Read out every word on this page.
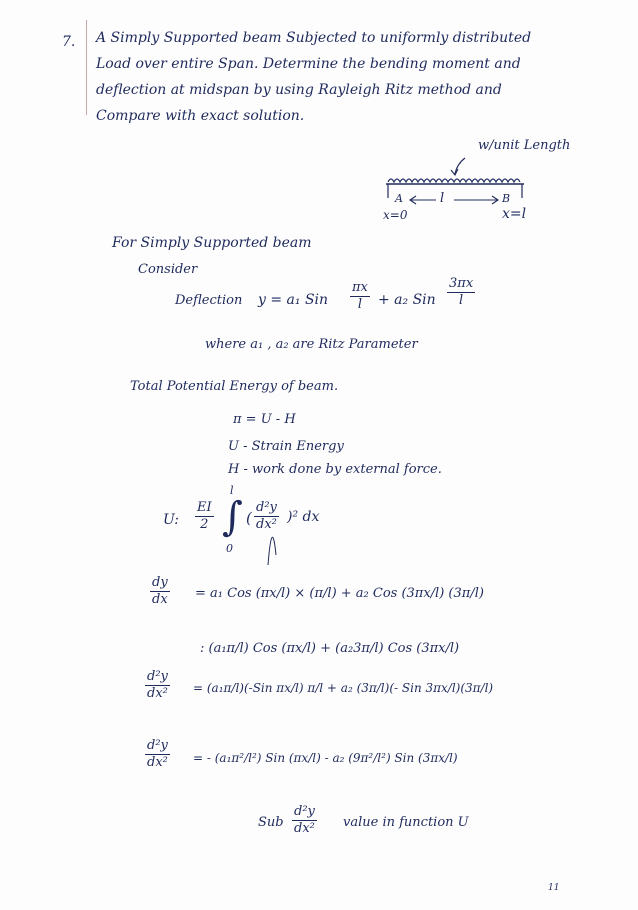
7. A Simply Supported beam Subjected to uniformly distributed
Load over entire Span. Determine the bending moment and
deflection at midspan by using Rayleigh Ritz method and
Compare with exact solution.
w/unit Length
A	l	B
x=0	x=l
For Simply Supported beam
Consider
Deflection y = a₁ Sin
πx
l + a₂ Sin
3πx
l
where a₁ , a₂ are Ritz Parameter
Total Potential Energy of beam.
π = U - H
U - Strain Energy
H - work done by external force.
U:
EI
2
l
∫
0
(
d²y
dx² )² dx
dy
dx = a₁ Cos (πx/l) × (π/l) + a₂ Cos (3πx/l) (3π/l)
: (a₁π/l) Cos (πx/l) + (a₂3π/l) Cos (3πx/l)
d²y
dx² = (a₁π/l)(-Sin πx/l) π/l + a₂ (3π/l)(- Sin 3πx/l)(3π/l)
d²y
dx² = - (a₁π²/l²) Sin (πx/l) - a₂ (9π²/l²) Sin (3πx/l)
Sub
d²y
dx² value in function U
11
